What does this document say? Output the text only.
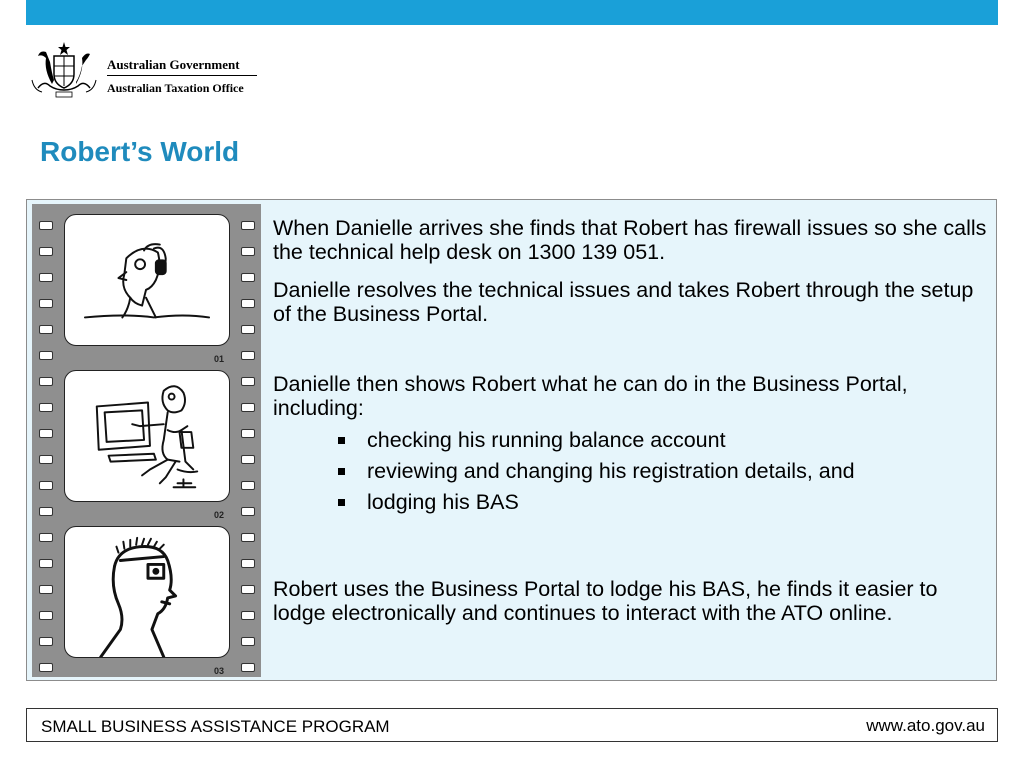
Australian Government
Australian Taxation Office
Robert’s World
01
02
03

When Danielle arrives she finds that Robert has firewall issues so she calls the technical help desk on 1300 139 051.

Danielle resolves the technical issues and takes Robert through the setup of the Business Portal.

Danielle then shows Robert what he can do in the Business Portal, including:

checking his running balance account
reviewing and changing his registration details, and
lodging his BAS

Robert uses the Business Portal to lodge his BAS, he finds it easier to lodge electronically and continues to interact with the ATO online.

SMALL BUSINESS ASSISTANCE PROGRAM	www.ato.gov.au
